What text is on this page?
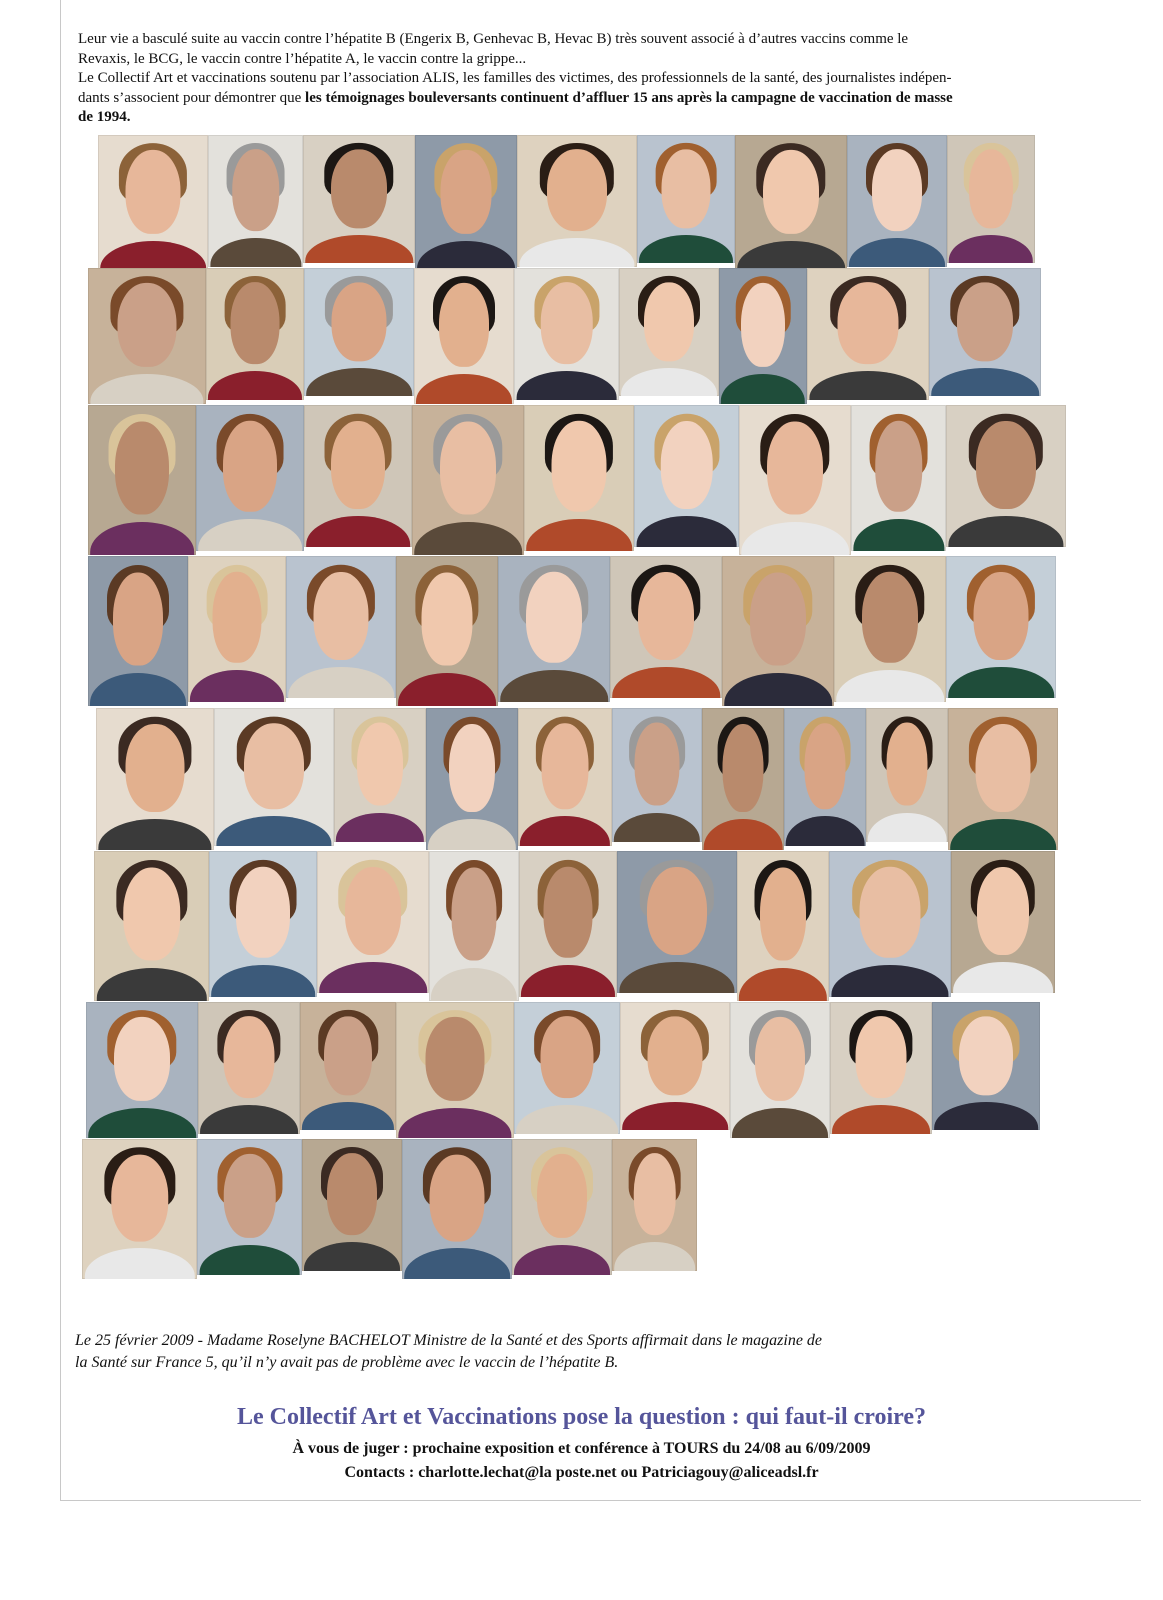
Leur vie a basculé suite au vaccin contre l’hépatite B (Engerix B, Genhevac B, Hevac B) très souvent associé à d’autres vaccins comme le

Revaxis, le BCG, le vaccin contre l’hépatite A, le vaccin contre la grippe...

Le Collectif Art et vaccinations soutenu par l’association ALIS, les familles des victimes, des professionnels de la santé, des journalistes indépen-

dants s’associent pour démontrer que les témoignages bouleversants continuent d’affluer 15 ans après la campagne de vaccination de masse

de 1994.

Le 25 février 2009 - Madame Roselyne BACHELOT Ministre de la Santé et des Sports affirmait dans le magazine de

la Santé sur France 5, qu’il n’y avait pas de problème avec le vaccin de l’hépatite B.

Le Collectif Art et Vaccinations pose la question : qui faut-il croire?
À vous de juger : prochaine exposition et conférence à TOURS du 24/08 au 6/09/2009
Contacts : charlotte.lechat@la poste.net ou Patriciagouy@aliceadsl.fr
